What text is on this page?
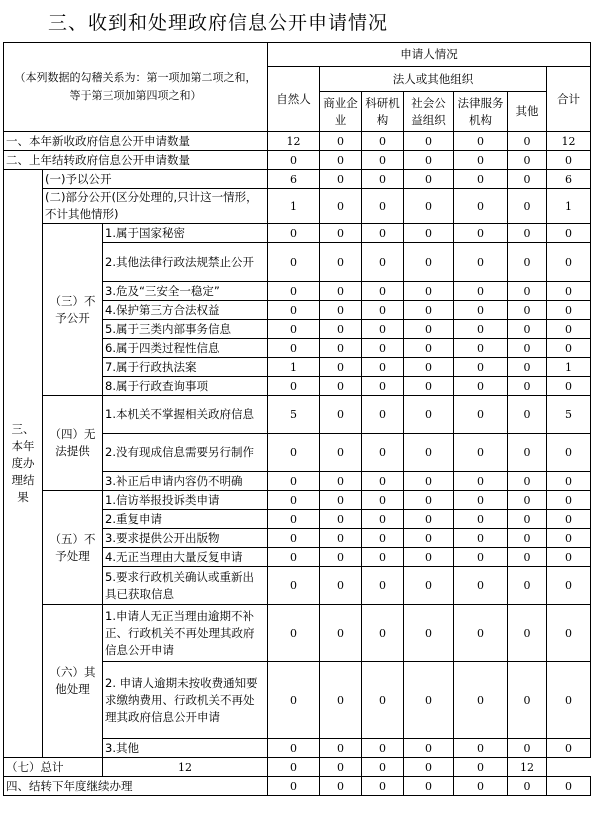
三、收到和处理政府信息公开申请情况
（本列数据的勾稽关系为：第一项加第二项之和，等于第三项加第四项之和）			申请人情况						
			自然人	法人或其他组织					合计
				商业企业	科研机构	社会公益组织	法律服务机构	其他	
一、本年新收政府信息公开申请数量			12	0	0	0	0	0	12
二、上年结转政府信息公开申请数量			0	0	0	0	0	0	0
三、本年度办理结果	(一)予以公开		6	0	0	0	0	0	6
	(二)部分公开(区分处理的,只计这一情形，不计其他情形)		1	0	0	0	0	0	1
	（三）不予公开	1.属于国家秘密	0	0	0	0	0	0	0
		2.其他法律行政法规禁止公开	0	0	0	0	0	0	0
		3.危及“三安全一稳定”	0	0	0	0	0	0	0
		4.保护第三方合法权益	0	0	0	0	0	0	0
		5.属于三类内部事务信息	0	0	0	0	0	0	0
		6.属于四类过程性信息	0	0	0	0	0	0	0
		7.属于行政执法案	1	0	0	0	0	0	1
		8.属于行政查询事项	0	0	0	0	0	0	0
	（四）无法提供	1.本机关不掌握相关政府信息	5	0	0	0	0	0	5
		2.没有现成信息需要另行制作	0	0	0	0	0	0	0
		3.补正后申请内容仍不明确	0	0	0	0	0	0	0
	（五）不予处理	1.信访举报投诉类申请	0	0	0	0	0	0	0
		2.重复申请	0	0	0	0	0	0	0
		3.要求提供公开出版物	0	0	0	0	0	0	0
		4.无正当理由大量反复申请	0	0	0	0	0	0	0
		5.要求行政机关确认或重新出具已获取信息	0	0	0	0	0	0	0
	（六）其他处理	1.申请人无正当理由逾期不补正、行政机关不再处理其政府信息公开申请	0	0	0	0	0	0	0
		2. 申请人逾期未按收费通知要求缴纳费用、行政机关不再处理其政府信息公开申请	0	0	0	0	0	0	0
		3.其他	0	0	0	0	0	0	0
（七）总计		12	0	0	0	0	0	12	
四、结转下年度继续办理			0	0	0	0	0	0	0
